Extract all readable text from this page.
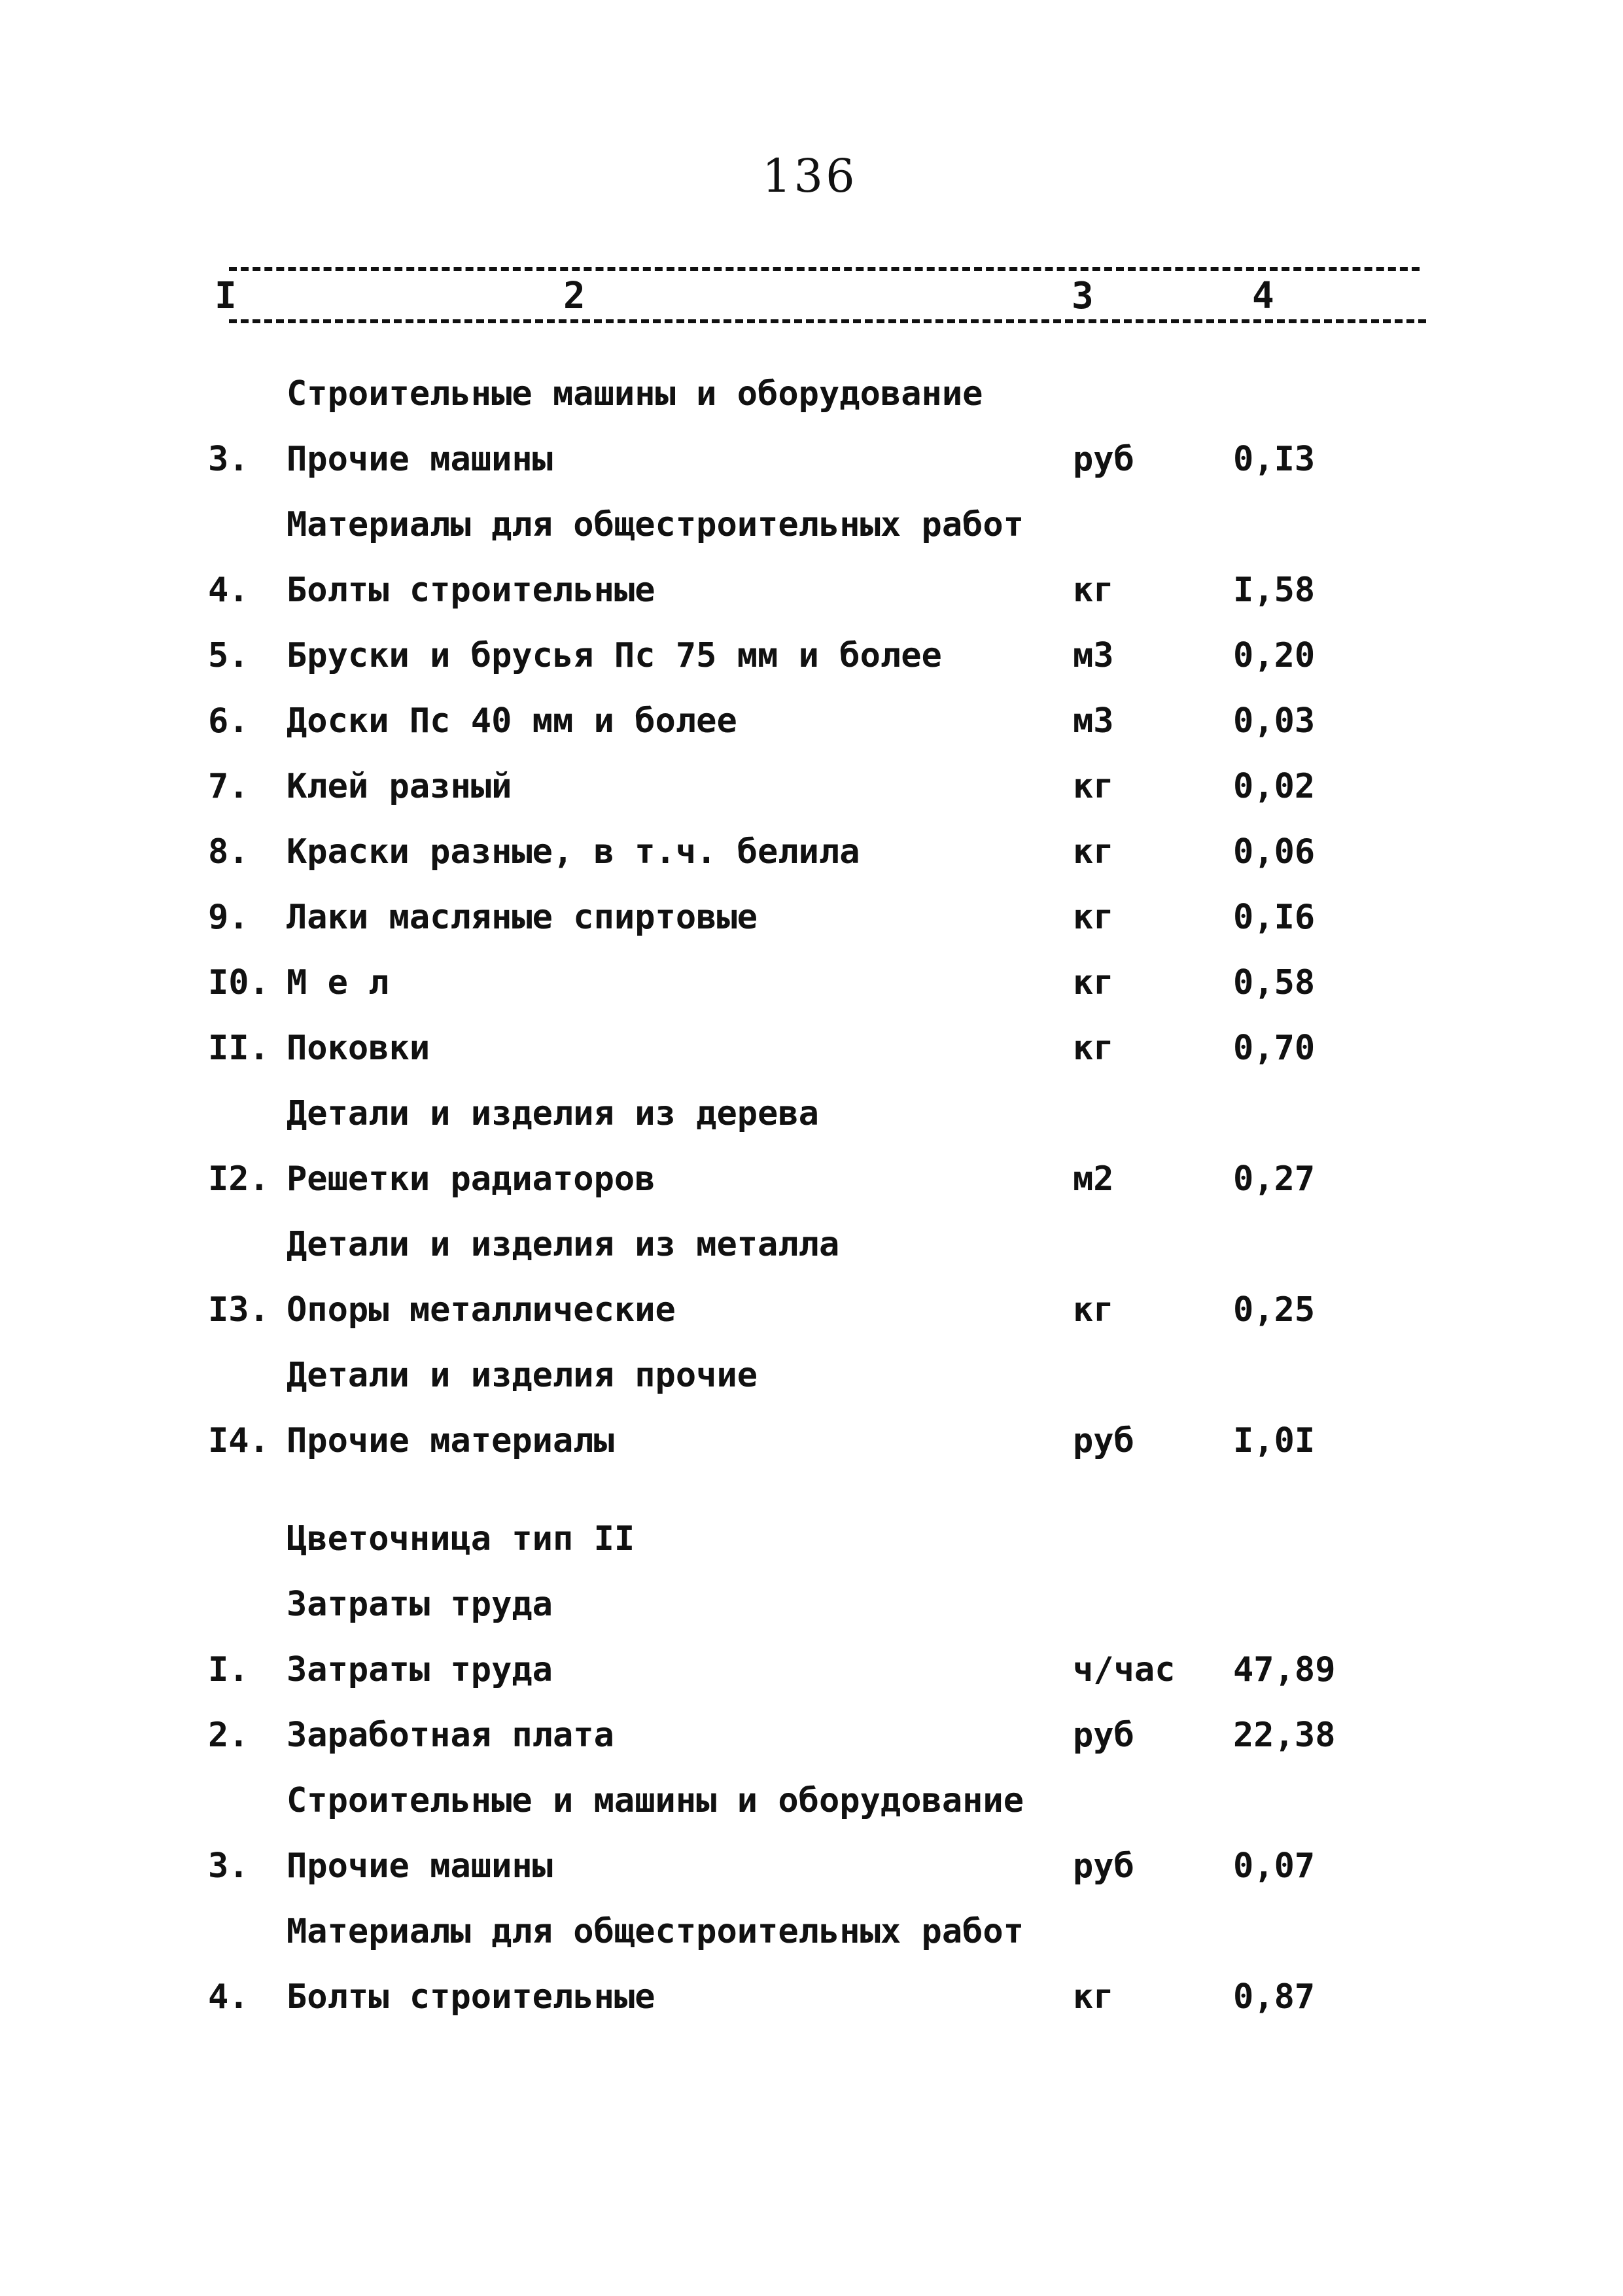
136
I	2	3	4
Строительные машины и оборудование
3. Прочие машины	руб	0,I3
Материалы для общестроительных работ
4. Болты строительные	кг	I,58
5. Бруски и брусья Пс 75 мм и более	м3	0,20
6. Доски Пс 40 мм и более	м3	0,03
7. Клей разный	кг	0,02
8. Краски разные, в т.ч. белила	кг	0,06
9. Лаки масляные спиртовые	кг	0,I6
I0. М е л	кг	0,58
II. Поковки	кг	0,70
Детали и изделия из дерева
I2. Решетки радиаторов	м2	0,27
Детали и изделия из металла
I3. Опоры металлические	кг	0,25
Детали и изделия прочие
I4. Прочие материалы	руб	I,0I
Цветочница тип II
Затраты труда
I. Затраты труда	ч/час 47,89
2. Заработная плата	руб	22,38
Строительные и машины и оборудование
3. Прочие машины	руб	0,07
Материалы для общестроительных работ
4. Болты строительные	кг	0,87
